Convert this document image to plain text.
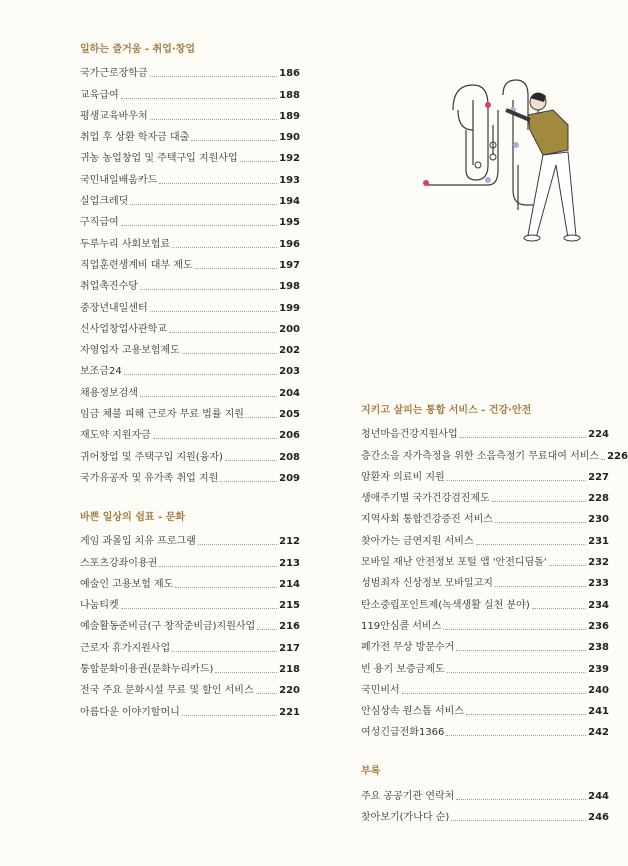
일하는 즐거움 - 취업·창업
국가근로장학금	186
교육급여	188
평생교육바우처	189
취업 후 상환 학자금 대출	190
귀농 농업창업 및 주택구입 지원사업	192
국민내일배움카드	193
실업크레딧	194
구직급여	195
두루누리 사회보험료	196
직업훈련생계비 대부 제도	197
취업촉진수당	198
중장년내일센터	199
신사업창업사관학교	200
자영업자 고용보험제도	202
보조금24	203
채용정보검색	204
임금 체불 피해 근로자 무료 법률 지원	205
재도약 지원자금	206
귀어창업 및 주택구입 지원(융자)	208
국가유공자 및 유가족 취업 지원	209
바쁜 일상의 쉼표 - 문화
게임 과몰입 치유 프로그램	212
스포츠강좌이용권	213
예술인 고용보험 제도	214
나눔티켓	215
예술활동준비금(구 창작준비금)지원사업 216
근로자 휴가지원사업	217
통합문화이용권(문화누리카드)	218
전국 주요 문화시설 무료 및 할인 서비스	220
아름다운 이야기할머니	221
지키고 살피는 통합 서비스 - 건강·안전
청년마음건강지원사업	224
층간소음 자가측정을 위한 소음측정기 무료대여 서비스 226
암환자 의료비 지원	227
생애주기별 국가건강검진제도	228
지역사회 통합건강증진 서비스	230
찾아가는 금연지원 서비스	231
모바일 재난 안전정보 포털 앱 '안전디딤돌'	232
성범죄자 신상정보 모바일고지	233
탄소중립포인트제(녹색생활 실천 분야)	234
119안심콜 서비스	236
폐가전 무상 방문수거	238
빈 용기 보증금제도	239
국민비서	240
안심상속 원스톱 서비스	241
여성긴급전화1366	242
부록
주요 공공기관 연락처	244
찾아보기(가나다 순)	246
